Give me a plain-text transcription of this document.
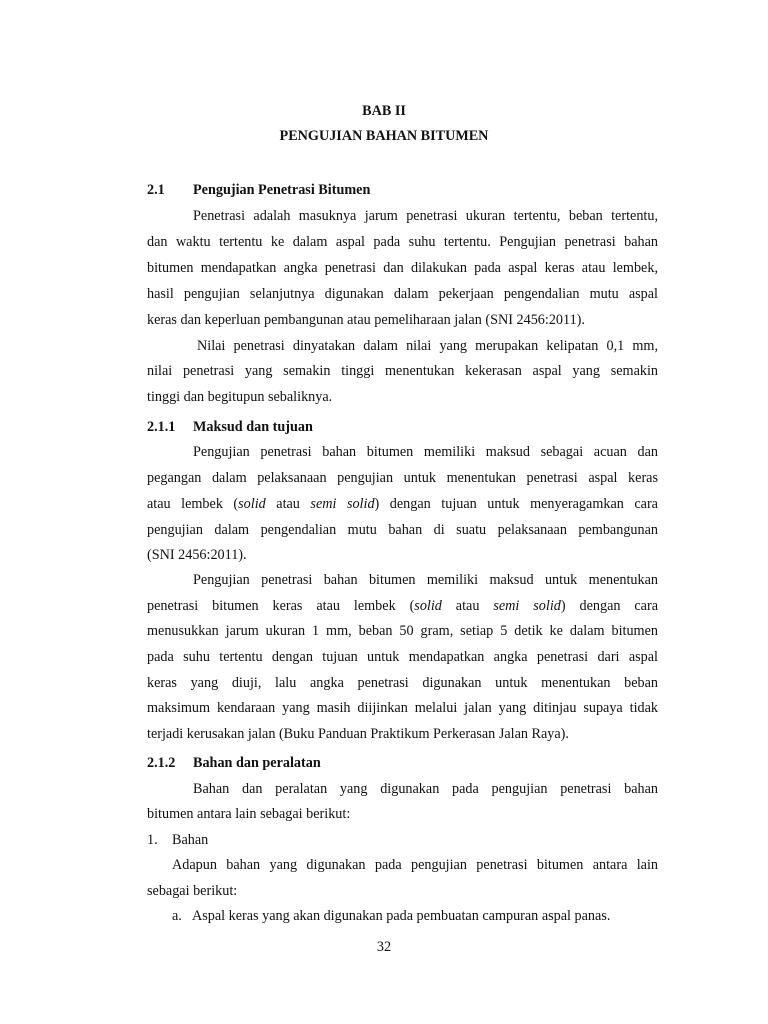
BAB II
PENGUJIAN BAHAN BITUMEN
2.1 Pengujian Penetrasi Bitumen
Penetrasi adalah masuknya jarum penetrasi ukuran tertentu, beban tertentu,
dan waktu tertentu ke dalam aspal pada suhu tertentu. Pengujian penetrasi bahan
bitumen mendapatkan angka penetrasi dan dilakukan pada aspal keras atau lembek,
hasil pengujian selanjutnya digunakan dalam pekerjaan pengendalian mutu aspal
keras dan keperluan pembangunan atau pemeliharaan jalan (SNI 2456:2011).
Nilai penetrasi dinyatakan dalam nilai yang merupakan kelipatan 0,1 mm,
nilai penetrasi yang semakin tinggi menentukan kekerasan aspal yang semakin
tinggi dan begitupun sebaliknya.
2.1.1 Maksud dan tujuan
Pengujian penetrasi bahan bitumen memiliki maksud sebagai acuan dan
pegangan dalam pelaksanaan pengujian untuk menentukan penetrasi aspal keras
atau lembek (solid atau semi solid) dengan tujuan untuk menyeragamkan cara
pengujian dalam pengendalian mutu bahan di suatu pelaksanaan pembangunan
(SNI 2456:2011).
Pengujian penetrasi bahan bitumen memiliki maksud untuk menentukan
penetrasi bitumen keras atau lembek (solid atau semi solid) dengan cara
menusukkan jarum ukuran 1 mm, beban 50 gram, setiap 5 detik ke dalam bitumen
pada suhu tertentu dengan tujuan untuk mendapatkan angka penetrasi dari aspal
keras yang diuji, lalu angka penetrasi digunakan untuk menentukan beban
maksimum kendaraan yang masih diijinkan melalui jalan yang ditinjau supaya tidak
terjadi kerusakan jalan (Buku Panduan Praktikum Perkerasan Jalan Raya).
2.1.2 Bahan dan peralatan
Bahan dan peralatan yang digunakan pada pengujian penetrasi bahan
bitumen antara lain sebagai berikut:
1. Bahan
Adapun bahan yang digunakan pada pengujian penetrasi bitumen antara lain
sebagai berikut:
a. Aspal keras yang akan digunakan pada pembuatan campuran aspal panas.
32
